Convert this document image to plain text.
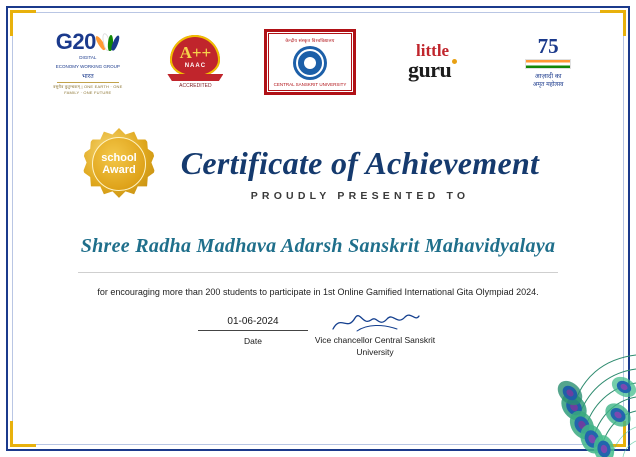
G20
DIGITAL
ECONOMY WORKING GROUP
भारत
वसुधैव कुटुम्बकम् | ONE EARTH · ONE FAMILY · ONE FUTURE
A++
NAAC
ACCREDITED
केन्द्रीय संस्कृत विश्वविद्यालय
CENTRAL SANSKRIT UNIVERSITY
little
guru
75
आज़ादी का
अमृत महोत्सव
school
Award	Certificate of Achievement
PROUDLY PRESENTED TO
Shree Radha Madhava Adarsh Sanskrit Mahavidyalaya
for encouraging more than 200 students to participate in 1st Online Gamified International Gita Olympiad 2024.
01-06-2024
Date	Vice chancellor Central Sanskrit
University
